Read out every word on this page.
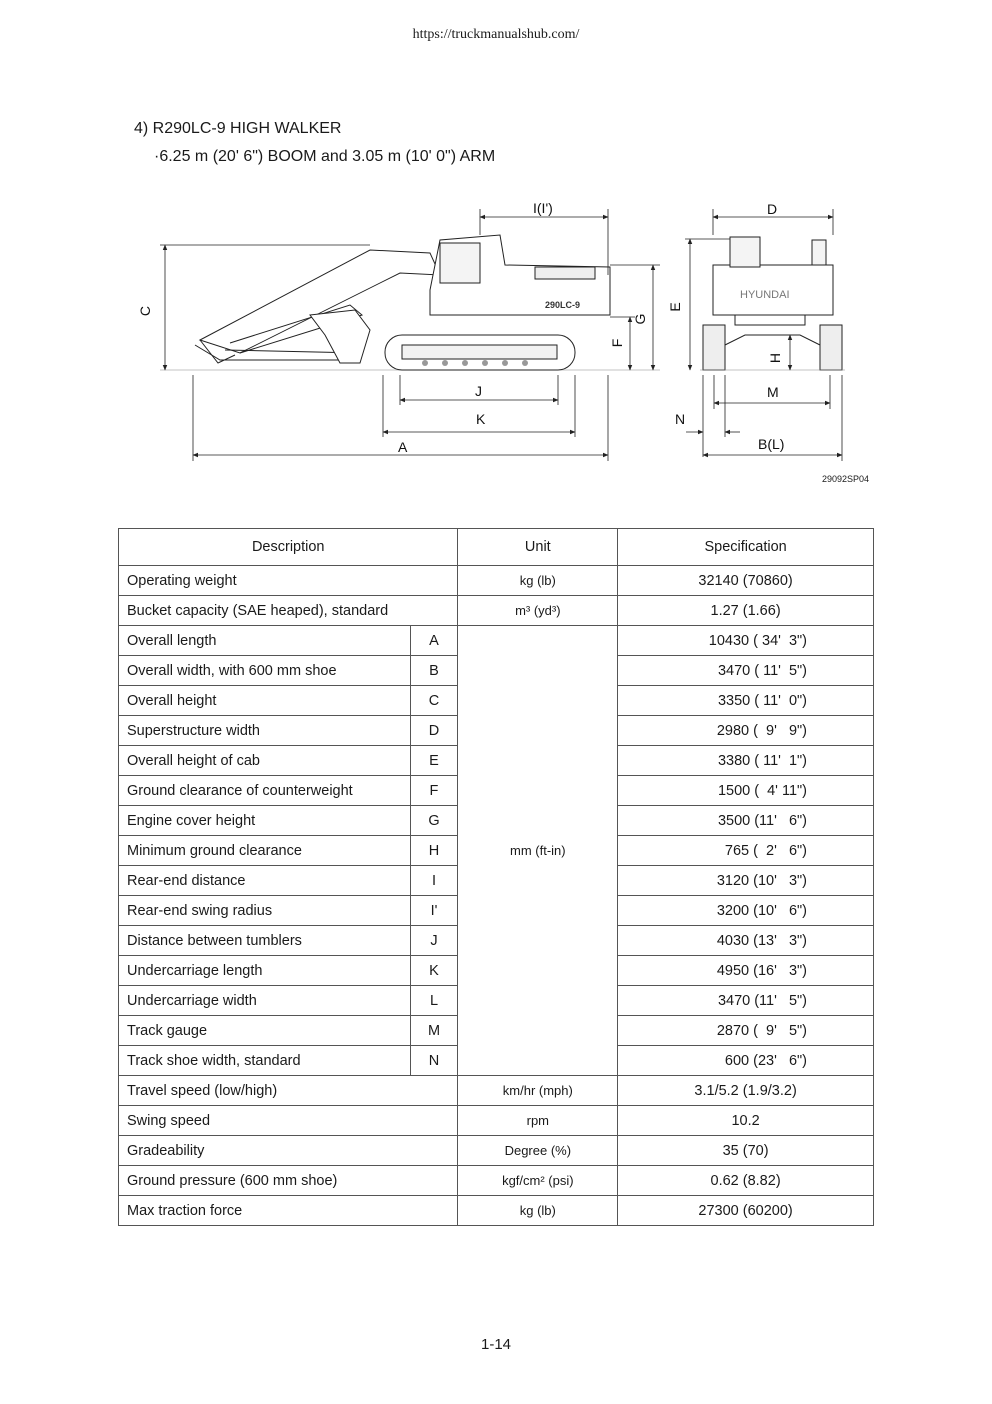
https://truckmanualshub.com/
4) R290LC-9 HIGH WALKER
·6.25 m (20' 6") BOOM and 3.05 m (10' 0") ARM
HYUNDAI
290LC-9
I(I')	D
C	E
G
F
H
J
K
A
M
N
B(L)
29092SP04
Description		Unit	Specification
Operating weight		kg (lb)	32140 (70860)
Bucket capacity (SAE heaped), standard		m³ (yd³)	1.27 (1.66)
Overall length	A	mm (ft-in)	10430 ( 34'  3")
Overall width, with 600 mm shoe	B		3470 ( 11'  5")
Overall height	C		3350 ( 11'  0")
Superstructure width	D		2980 (  9'   9")
Overall height of cab	E		3380 ( 11'  1")
Ground clearance of counterweight	F		1500 (  4' 11")
Engine cover height	G		3500 (11'   6")
Minimum ground clearance	H		765 (  2'   6")
Rear-end distance	I		3120 (10'   3")
Rear-end swing radius	I'		3200 (10'   6")
Distance between tumblers	J		4030 (13'   3")
Undercarriage length	K		4950 (16'   3")
Undercarriage width	L		3470 (11'   5")
Track gauge	M		2870 (  9'   5")
Track shoe width, standard	N		600 (23'   6")
Travel speed (low/high)		km/hr (mph)	3.1/5.2 (1.9/3.2)
Swing speed		rpm	10.2
Gradeability		Degree (%)	35 (70)
Ground pressure (600 mm shoe)		kgf/cm² (psi)	0.62 (8.82)
Max traction force		kg (lb)	27300 (60200)
1-14
